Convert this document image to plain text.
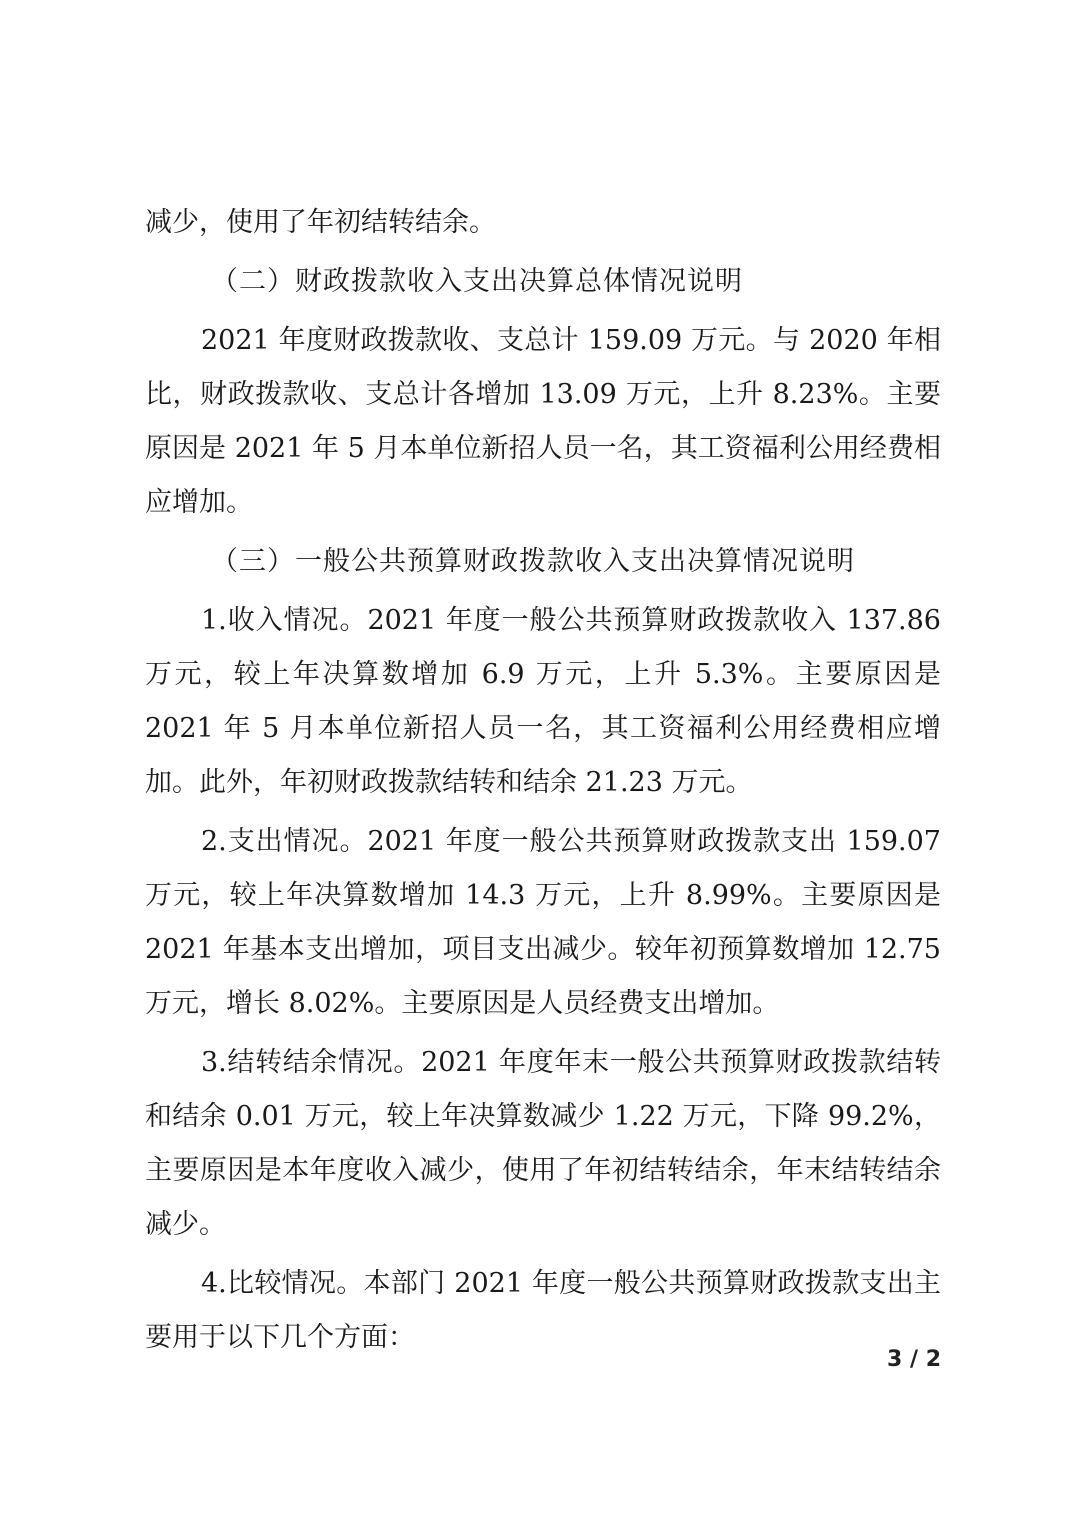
减少，使用了年初结转结余。

（二）财政拨款收入支出决算总体情况说明

2021 年度财政拨款收、支总计 159.09 万元。与 2020 年相比，财政拨款收、支总计各增加 13.09 万元，上升 8.23%。主要原因是 2021 年 5 月本单位新招人员一名，其工资福利公用经费相应增加。

（三）一般公共预算财政拨款收入支出决算情况说明

1.收入情况。2021 年度一般公共预算财政拨款收入 137.86 万元，较上年决算数增加 6.9 万元，上升 5.3%。主要原因是 2021 年 5 月本单位新招人员一名，其工资福利公用经费相应增加。此外，年初财政拨款结转和结余 21.23 万元。

2.支出情况。2021 年度一般公共预算财政拨款支出 159.07 万元，较上年决算数增加 14.3 万元，上升 8.99%。主要原因是 2021 年基本支出增加，项目支出减少。较年初预算数增加 12.75 万元，增长 8.02%。主要原因是人员经费支出增加。

3.结转结余情况。2021 年度年末一般公共预算财政拨款结转和结余 0.01 万元，较上年决算数减少 1.22 万元，下降 99.2%，主要原因是本年度收入减少，使用了年初结转结余，年末结转结余减少。

4.比较情况。本部门 2021 年度一般公共预算财政拨款支出主要用于以下几个方面：

3 / 2
